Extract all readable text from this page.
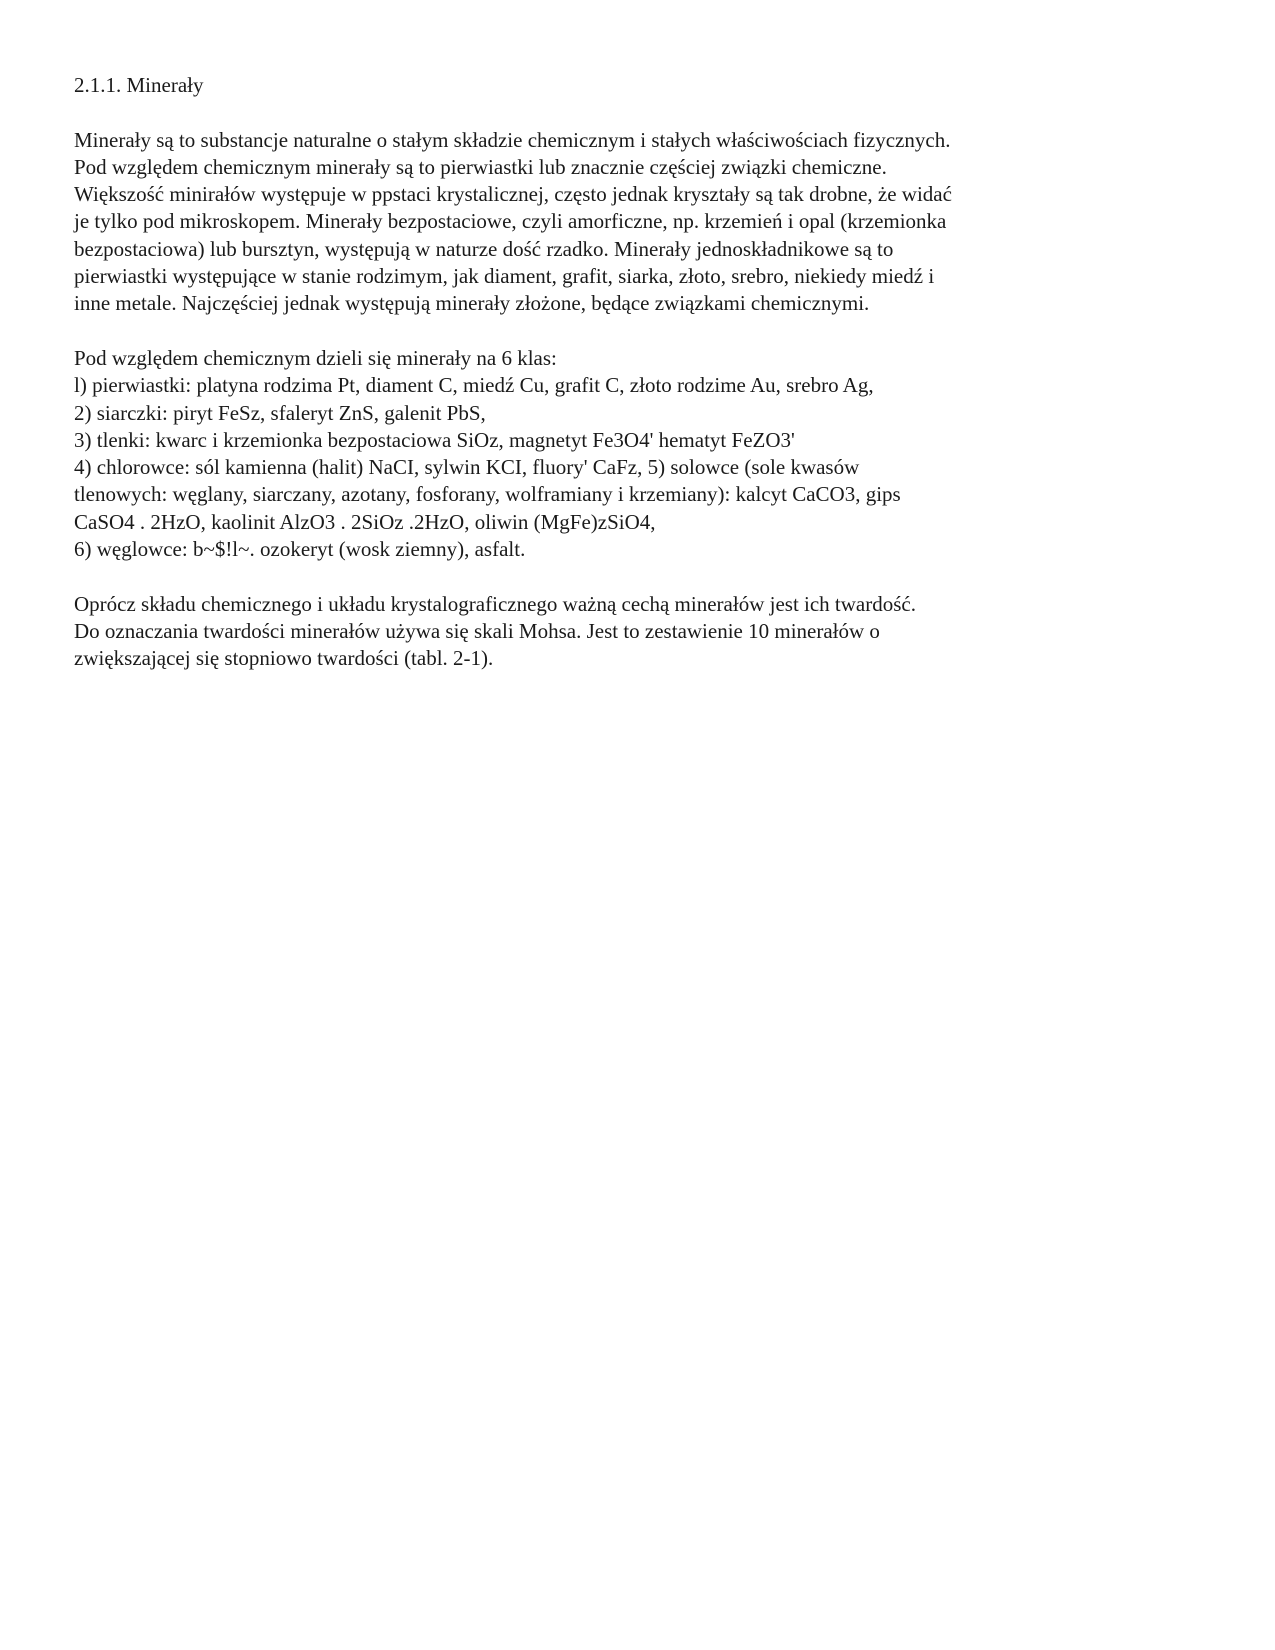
2.1.1. Minerały
Minerały są to substancje naturalne o stałym składzie chemicznym i stałych właściwościach fizycznych.
Pod względem chemicznym minerały są to pierwiastki lub znacznie częściej związki chemiczne.
Większość minirałów występuje w ppstaci krystalicznej, często jednak kryształy są tak drobne, że widać
je tylko pod mikroskopem. Minerały bezpostaciowe, czyli amorficzne, np. krzemień i opal (krzemionka
bezpostaciowa) lub bursztyn, występują w naturze dość rzadko. Minerały jednoskładnikowe są to
pierwiastki występujące w stanie rodzimym, jak diament, grafit, siarka, złoto, srebro, niekiedy miedź i
inne metale. Najczęściej jednak występują minerały złożone, będące związkami chemicznymi.
Pod względem chemicznym dzieli się minerały na 6 klas:
l) pierwiastki: platyna rodzima Pt, diament C, miedź Cu, grafit C, złoto rodzime Au, srebro Ag,
2) siarczki: piryt FeSz, sfaleryt ZnS, galenit PbS,
3) tlenki: kwarc i krzemionka bezpostaciowa SiOz, magnetyt Fe3O4' hematyt FeZO3'
4) chlorowce: sól kamienna (halit) NaCI, sylwin KCI, fluory' CaFz, 5) solowce (sole kwasów
tlenowych: węglany, siarczany, azotany, fosforany, wolframiany i krzemiany): kalcyt CaCO3, gips
CaSO4 . 2HzO, kaolinit AlzO3 . 2SiOz .2HzO, oliwin (MgFe)zSiO4,
6) węglowce: b~$!l~. ozokeryt (wosk ziemny), asfalt.
Oprócz składu chemicznego i układu krystalograficznego ważną cechą minerałów jest ich twardość.
Do oznaczania twardości minerałów używa się skali Mohsa. Jest to zestawienie 10 minerałów o
zwiększającej się stopniowo twardości (tabl. 2-1).
